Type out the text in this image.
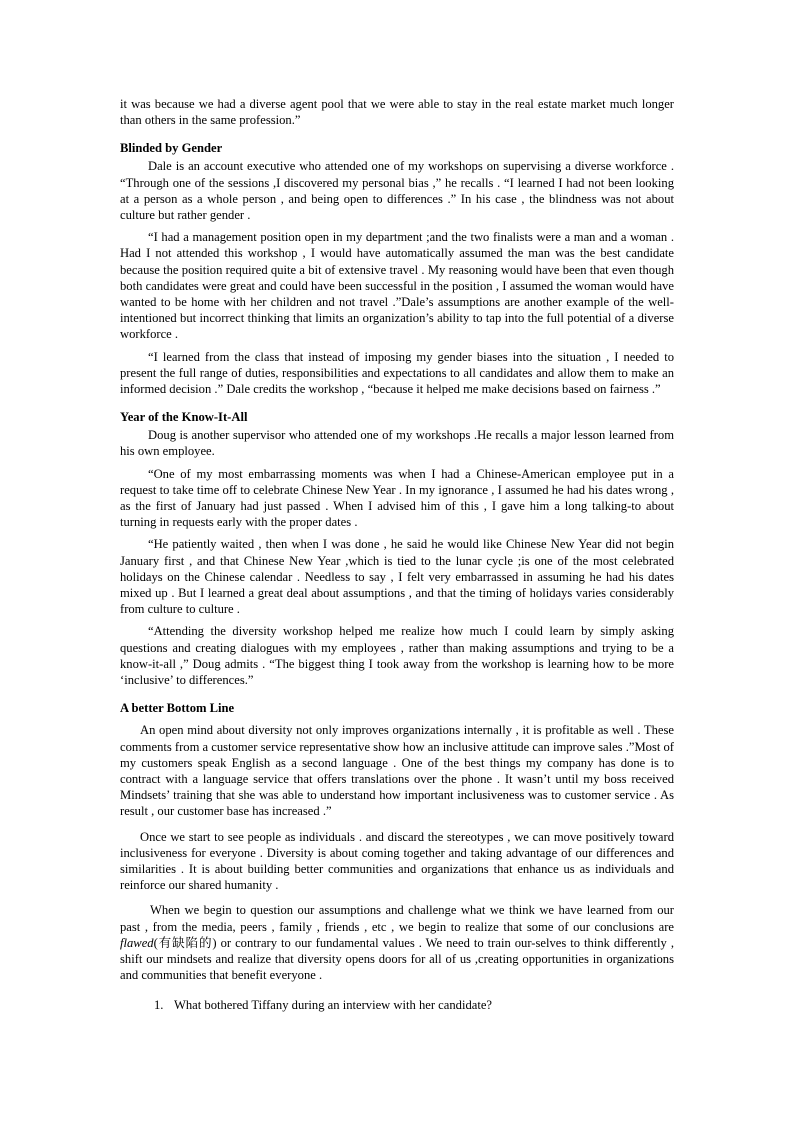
it was because we had a diverse agent pool that we were able to stay in the real estate market much longer than others in the same profession.”

Blinded by Gender

Dale is an account executive who attended one of my workshops on supervising a diverse workforce . “Through one of the sessions ,I discovered my personal bias ,” he recalls . “I learned I had not been looking at a person as a whole person , and being open to differences .” In his case , the blindness was not about culture but rather gender .

“I had a management position open in my department ;and the two finalists were a man and a woman . Had I not attended this workshop , I would have automatically assumed the man was the best candidate because the position required quite a bit of extensive travel . My reasoning would have been that even though both candidates were great and could have been successful in the position , I assumed the woman would have wanted to be home with her children and not travel .”Dale’s assumptions are another example of the well-intentioned but incorrect thinking that limits an organization’s ability to tap into the full potential of a diverse workforce .

“I learned from the class that instead of imposing my gender biases into the situation , I needed to present the full range of duties, responsibilities and expectations to all candidates and allow them to make an informed decision .” Dale credits the workshop , “because it helped me make decisions based on fairness .”

Year of the Know-It-All

Doug is another supervisor who attended one of my workshops .He recalls a major lesson learned from his own employee.

“One of my most embarrassing moments was when I had a Chinese-American employee put in a request to take time off to celebrate Chinese New Year . In my ignorance , I assumed he had his dates wrong , as the first of January had just passed . When I advised him of this , I gave him a long talking-to about turning in requests early with the proper dates .

“He patiently waited , then when I was done , he said he would like Chinese New Year did not begin January first , and that Chinese New Year ,which is tied to the lunar cycle ;is one of the most celebrated holidays on the Chinese calendar . Needless to say , I felt very embarrassed in assuming he had his dates mixed up . But I learned a great deal about assumptions , and that the timing of holidays varies considerably from culture to culture .

“Attending the diversity workshop helped me realize how much I could learn by simply asking questions and creating dialogues with my employees , rather than making assumptions and trying to be a know-it-all ,” Doug admits . “The biggest thing I took away from the workshop is learning how to be more ‘inclusive’ to differences.”

A better Bottom Line

An open mind about diversity not only improves organizations internally , it is profitable as well . These comments from a customer service representative show how an inclusive attitude can improve sales .”Most of my customers speak English as a second language . One of the best things my company has done is to contract with a language service that offers translations over the phone . It wasn’t until my boss received Mindsets’ training that she was able to understand how important inclusiveness was to customer service . As result , our customer base has increased .”

Once we start to see people as individuals . and discard the stereotypes , we can move positively toward inclusiveness for everyone . Diversity is about coming together and taking advantage of our differences and similarities . It is about building better communities and organizations that enhance us as individuals and reinforce our shared humanity .

When we begin to question our assumptions and challenge what we think we have learned from our past , from the media, peers , family , friends , etc , we begin to realize that some of our conclusions are flawed(有缺陷的) or contrary to our fundamental values . We need to train our-selves to think differently , shift our mindsets and realize that diversity opens doors for all of us ,creating opportunities in organizations and communities that benefit everyone .

1. What bothered Tiffany during an interview with her candidate?
